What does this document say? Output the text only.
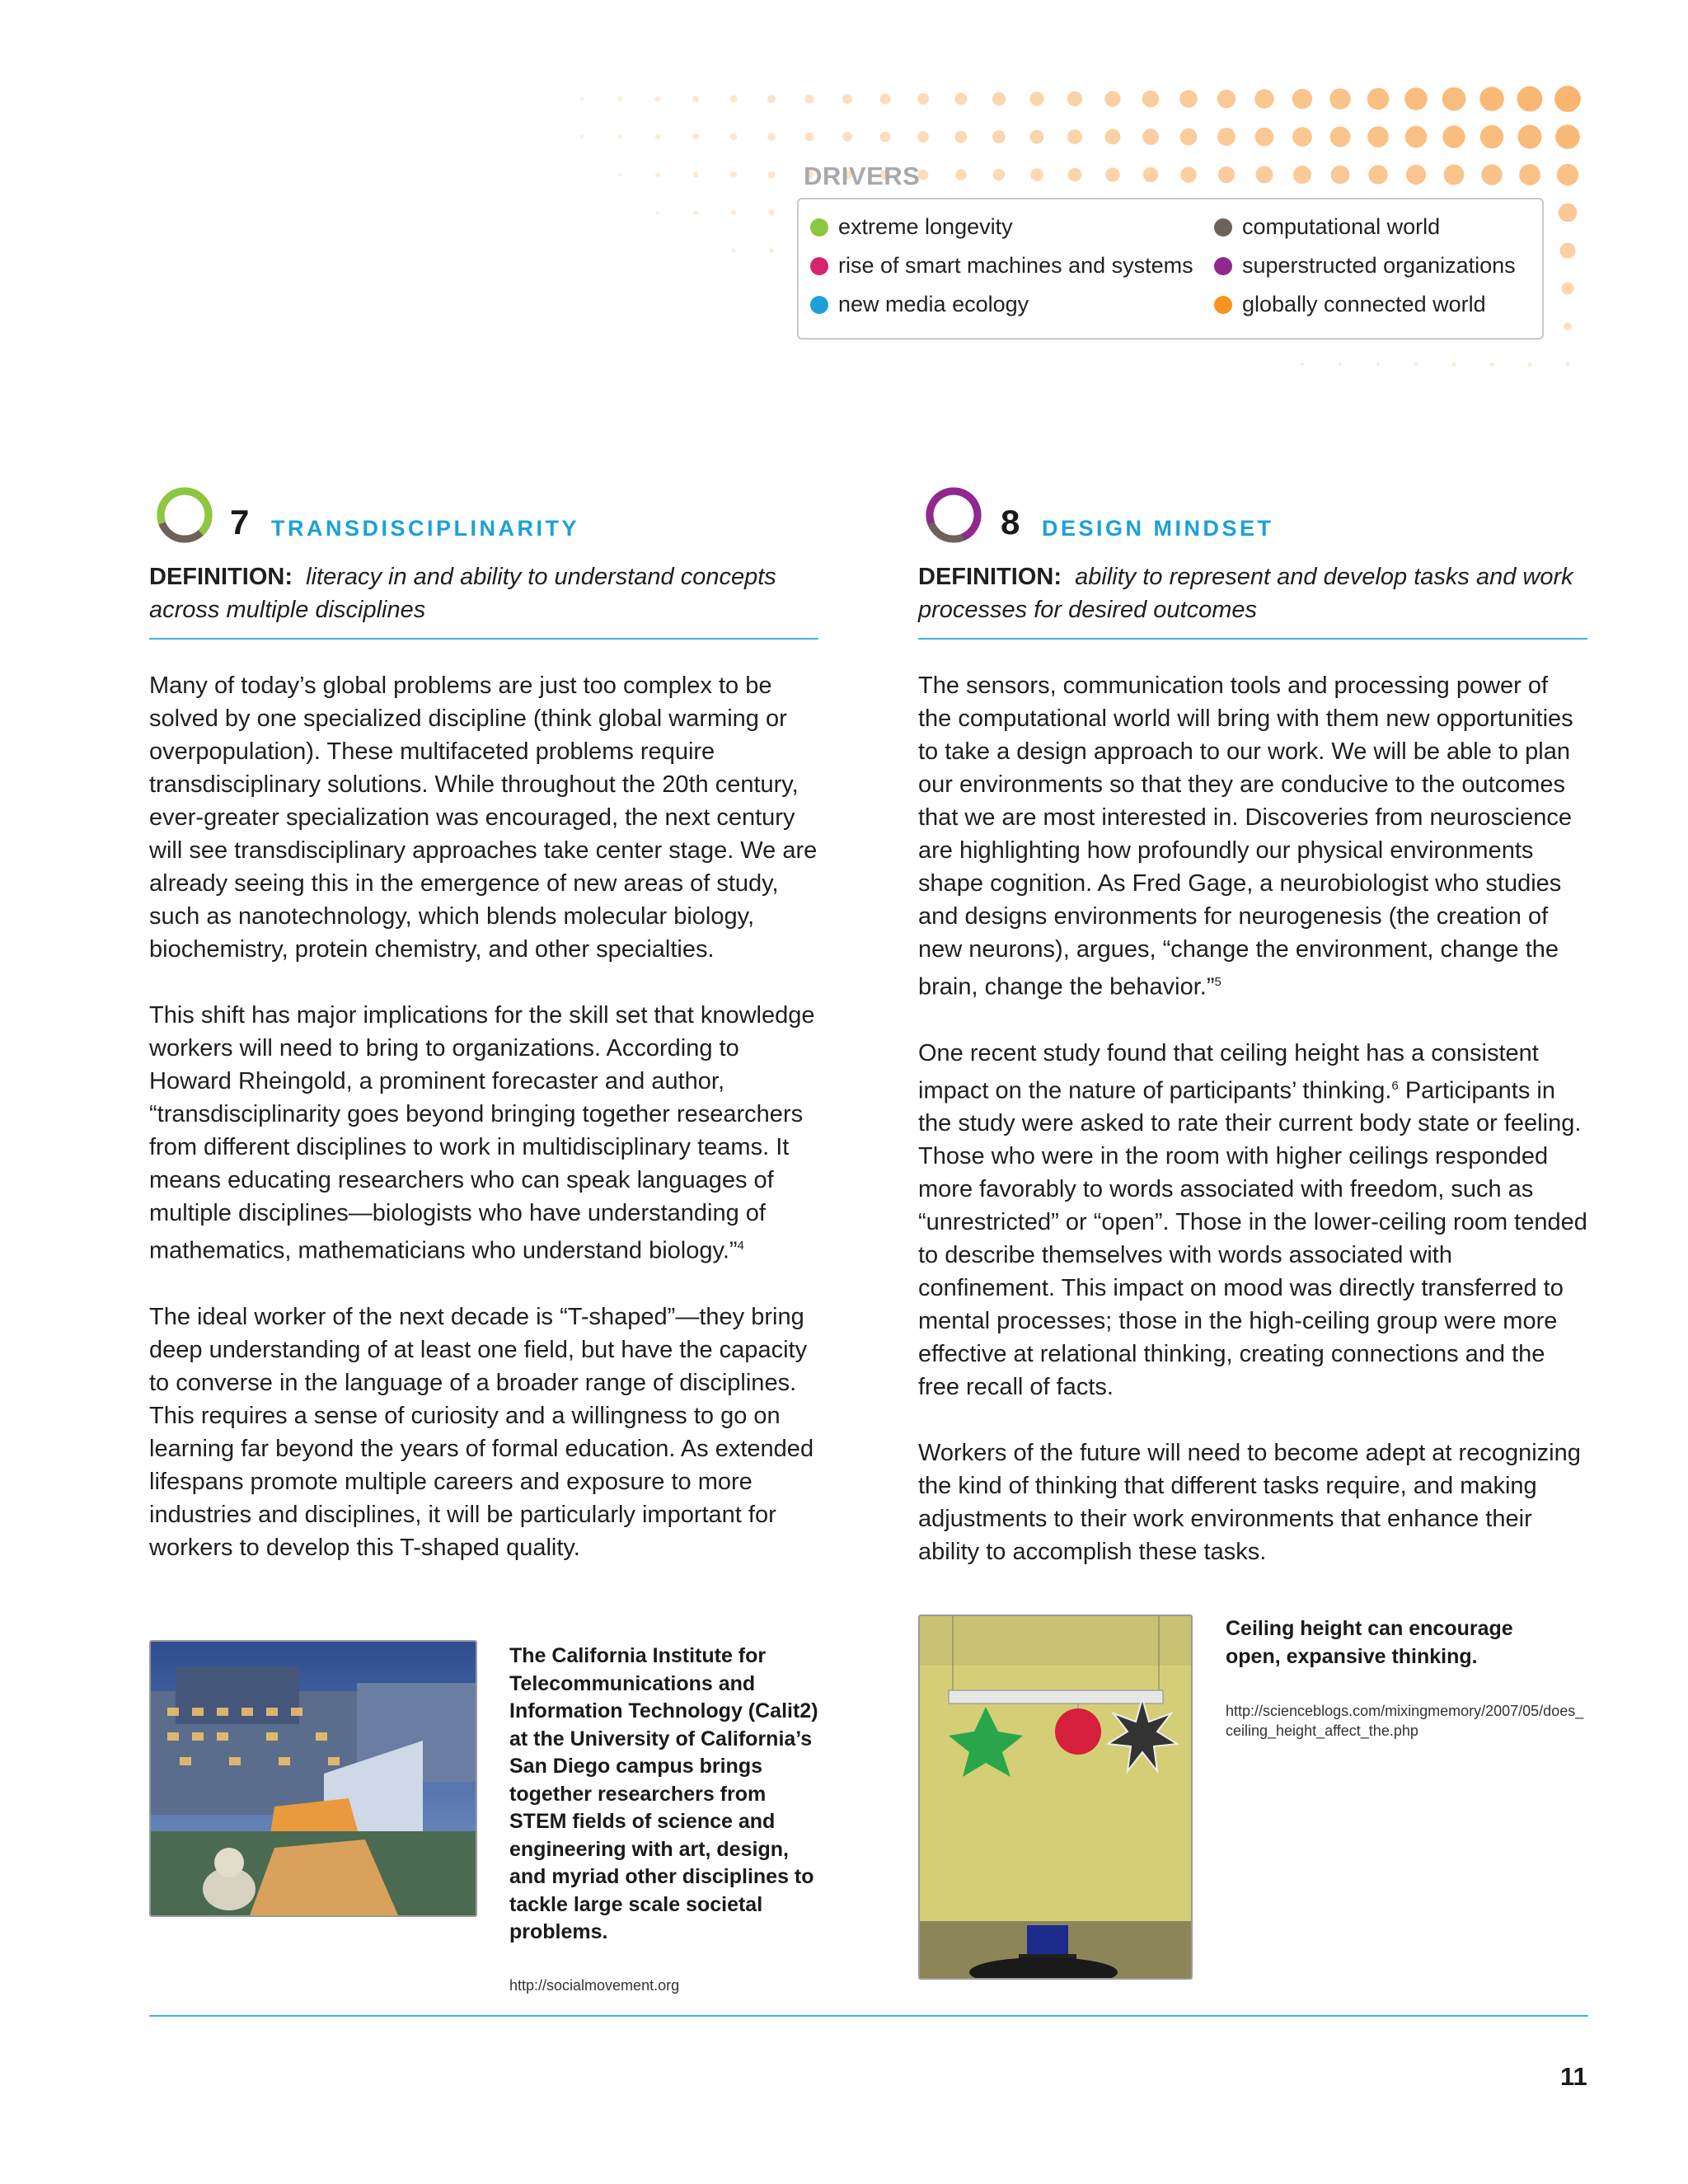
DRIVERS
extreme longevity
rise of smart machines and systems
new media ecology
computational world
superstructed organizations
globally connected world
7 TRANSDISCIPLINARITY

DEFINITION: literacy in and ability to understand concepts across multiple disciplines

Many of today’s global problems are just too complex to be solved by one specialized discipline (think global warming or overpopulation). These multifaceted problems require transdisciplinary solutions. While throughout the 20th century, ever-greater specialization was encouraged, the next century will see transdisciplinary approaches take center stage. We are already seeing this in the emergence of new areas of study, such as nanotechnology, which blends molecular biology, biochemistry, protein chemistry, and other specialties.

This shift has major implications for the skill set that knowledge workers will need to bring to organizations. According to Howard Rheingold, a prominent forecaster and author, “transdisciplinarity goes beyond bringing together researchers from different disciplines to work in multidisciplinary teams. It means educating researchers who can speak languages of multiple disciplines—biologists who have understanding of mathematics, mathematicians who understand biology.”$^4$

The ideal worker of the next decade is “T-shaped”—they bring deep understanding of at least one field, but have the capacity to converse in the language of a broader range of disciplines. This requires a sense of curiosity and a willingness to go on learning far beyond the years of formal education. As extended lifespans promote multiple careers and exposure to more industries and disciplines, it will be particularly important for workers to develop this T-shaped quality.

8 DESIGN MINDSET

DEFINITION: ability to represent and develop tasks and work processes for desired outcomes

The sensors, communication tools and processing power of the computational world will bring with them new opportunities to take a design approach to our work. We will be able to plan our environments so that they are conducive to the outcomes that we are most interested in. Discoveries from neuroscience are highlighting how profoundly our physical environments shape cognition. As Fred Gage, a neurobiologist who studies and designs environments for neurogenesis (the creation of new neurons), argues, “change the environment, change the brain, change the behavior.”$^5$

One recent study found that ceiling height has a consistent impact on the nature of participants’ thinking.$^6$ Participants in the study were asked to rate their current body state or feeling. Those who were in the room with higher ceilings responded more favorably to words associated with freedom, such as “unrestricted” or “open”. Those in the lower-ceiling room tended to describe themselves with words associated with confinement. This impact on mood was directly transferred to mental processes; those in the high-ceiling group were more effective at relational thinking, creating connections and the free recall of facts.

Workers of the future will need to become adept at recognizing the kind of thinking that different tasks require, and making adjustments to their work environments that enhance their ability to accomplish these tasks.

The California Institute for Telecommunications and Information Technology (Calit2) at the University of California’s San Diego campus brings together researchers from STEM fields of science and engineering with art, design, and myriad other disciplines to tackle large scale societal problems.

http://socialmovement.org

Ceiling height can encourage open, expansive thinking.

http://scienceblogs.com/mixingmemory/2007/05/does_ceiling_height_affect_the.php

11
